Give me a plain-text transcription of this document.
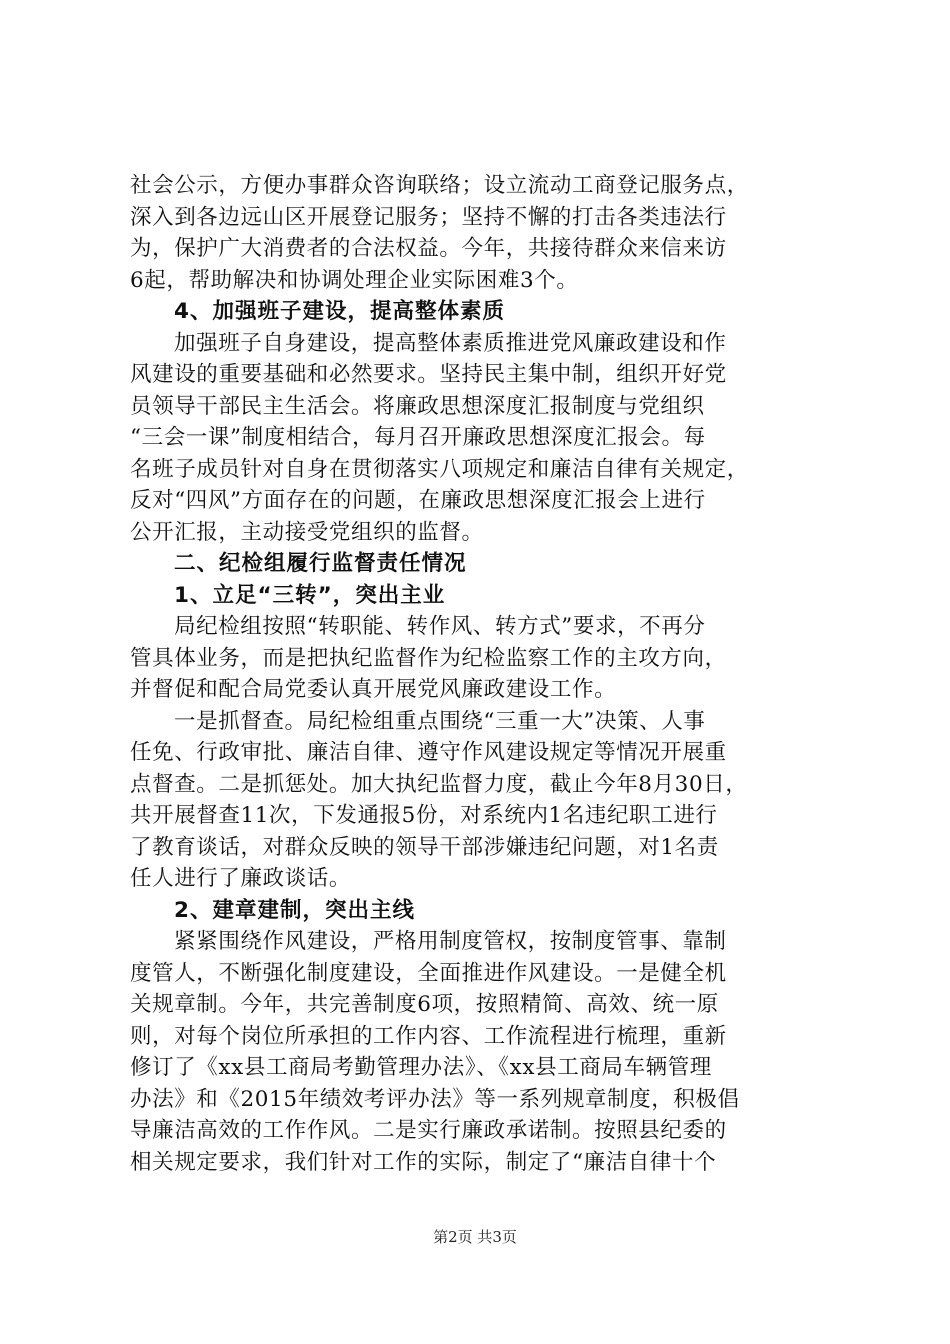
社会公示，方便办事群众咨询联络；设立流动工商登记服务点，
深入到各边远山区开展登记服务；坚持不懈的打击各类违法行
为，保护广大消费者的合法权益。今年，共接待群众来信来访
6起，帮助解决和协调处理企业实际困难3个。
4、加强班子建设，提高整体素质
加强班子自身建设，提高整体素质推进党风廉政建设和作
风建设的重要基础和必然要求。坚持民主集中制，组织开好党
员领导干部民主生活会。将廉政思想深度汇报制度与党组织
“三会一课”制度相结合，每月召开廉政思想深度汇报会。每
名班子成员针对自身在贯彻落实八项规定和廉洁自律有关规定，
反对“四风”方面存在的问题，在廉政思想深度汇报会上进行
公开汇报，主动接受党组织的监督。
二、纪检组履行监督责任情况
1、立足“三转”，突出主业
局纪检组按照“转职能、转作风、转方式”要求，不再分
管具体业务，而是把执纪监督作为纪检监察工作的主攻方向，
并督促和配合局党委认真开展党风廉政建设工作。
一是抓督查。局纪检组重点围绕“三重一大”决策、人事
任免、行政审批、廉洁自律、遵守作风建设规定等情况开展重
点督查。二是抓惩处。加大执纪监督力度，截止今年8月30日，
共开展督查11次，下发通报5份，对系统内1名违纪职工进行
了教育谈话，对群众反映的领导干部涉嫌违纪问题，对1名责
任人进行了廉政谈话。
2、建章建制，突出主线
紧紧围绕作风建设，严格用制度管权，按制度管事、靠制
度管人，不断强化制度建设，全面推进作风建设。一是健全机
关规章制。今年，共完善制度6项，按照精简、高效、统一原
则，对每个岗位所承担的工作内容、工作流程进行梳理，重新
修订了《xx县工商局考勤管理办法》、《xx县工商局车辆管理
办法》和《2015年绩效考评办法》等一系列规章制度，积极倡
导廉洁高效的工作作风。二是实行廉政承诺制。按照县纪委的
相关规定要求，我们针对工作的实际，制定了“廉洁自律十个
第2页 共3页
